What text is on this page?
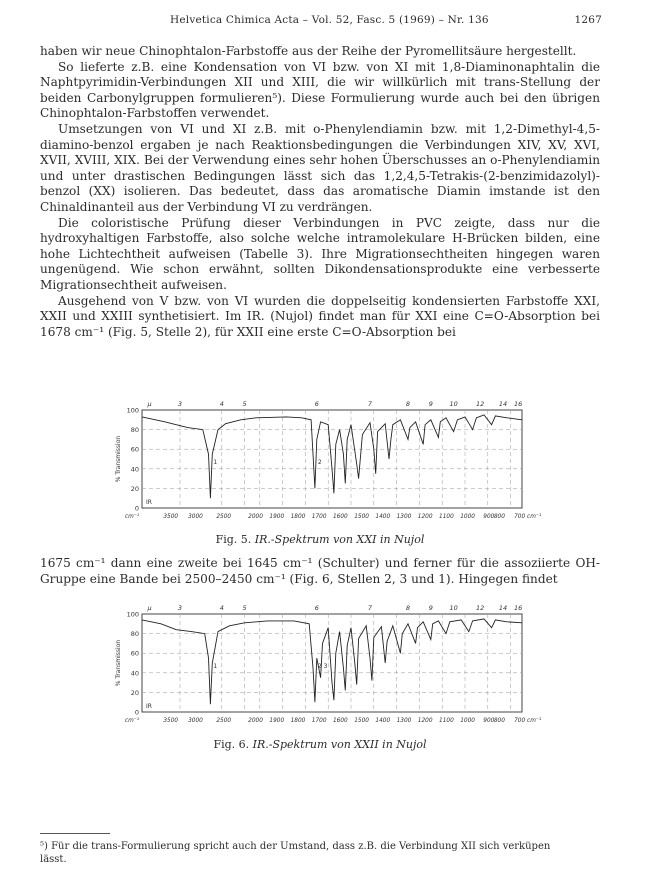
Helvetica Chimica Acta – Vol. 52, Fasc. 5 (1969) – Nr. 136	1267

haben wir neue Chinophtalon-Farbstoffe aus der Reihe der Pyromellitsäure hergestellt.

So lieferte z.B. eine Kondensation von VI bzw. von XI mit 1,8-Diaminonaphtalin die Naphtpyrimidin-Verbindungen XII und XIII, die wir willkürlich mit trans-Stellung der beiden Carbonylgruppen formulieren⁵). Diese Formulierung wurde auch bei den übrigen Chinophtalon-Farbstoffen verwendet.

Umsetzungen von VI und XI z.B. mit o-Phenylendiamin bzw. mit 1,2-Dimethyl-4,5-diamino-benzol ergaben je nach Reaktionsbedingungen die Verbindungen XIV, XV, XVI, XVII, XVIII, XIX. Bei der Verwendung eines sehr hohen Überschusses an o-Phenylendiamin und unter drastischen Bedingungen lässt sich das 1,2,4,5-Tetrakis-(2-benzimidazolyl)-benzol (XX) isolieren. Das bedeutet, dass das aromatische Diamin imstande ist den Chinaldinanteil aus der Verbindung VI zu verdrängen.

Die coloristische Prüfung dieser Verbindungen in PVC zeigte, dass nur die hydroxyhaltigen Farbstoffe, also solche welche intramolekulare H-Brücken bilden, eine hohe Lichtechtheit aufweisen (Tabelle 3). Ihre Migrationsechtheiten hingegen waren ungenügend. Wie schon erwähnt, sollten Dikondensationsprodukte eine verbesserte Migrationsechtheit aufweisen.

Ausgehend von V bzw. von VI wurden die doppelseitig kondensierten Farbstoffe XXI, XXII und XXIII synthetisiert. Im IR. (Nujol) findet man für XXI eine C=O-Absorption bei 1678 cm⁻¹ (Fig. 5, Stelle 2), für XXII eine erste C=O-Absorption bei

µ	3	4	5	6	7	8	9	10	12 14 16
100
80
60
40
20
0
% Transmission
cm⁻¹	3500 3000 2500	2000 1900 1800 1700 1600 1500 1400 1300 1200 1100 1000 900 800 700 cm⁻¹
IR
1	2
Fig. 5. IR.-Spektrum von XXI in Nujol

1675 cm⁻¹ dann eine zweite bei 1645 cm⁻¹ (Schulter) und ferner für die assoziierte OH-Gruppe eine Bande bei 2500–2450 cm⁻¹ (Fig. 6, Stellen 2, 3 und 1). Hingegen findet

µ	3	4	5	6	7	8	9	10	12 14 16
100
80
60
40
20
0
% Transmission
cm⁻¹	3500 3000 2500	2000 1900 1800 1700 1600 1500 1400 1300 1200 1100 1000 900 800 700 cm⁻¹
IR
1	2 3
Fig. 6. IR.-Spektrum von XXII in Nujol
⁵) Für die trans-Formulierung spricht auch der Umstand, dass z.B. die Verbindung XII sich verküpen lässt.
